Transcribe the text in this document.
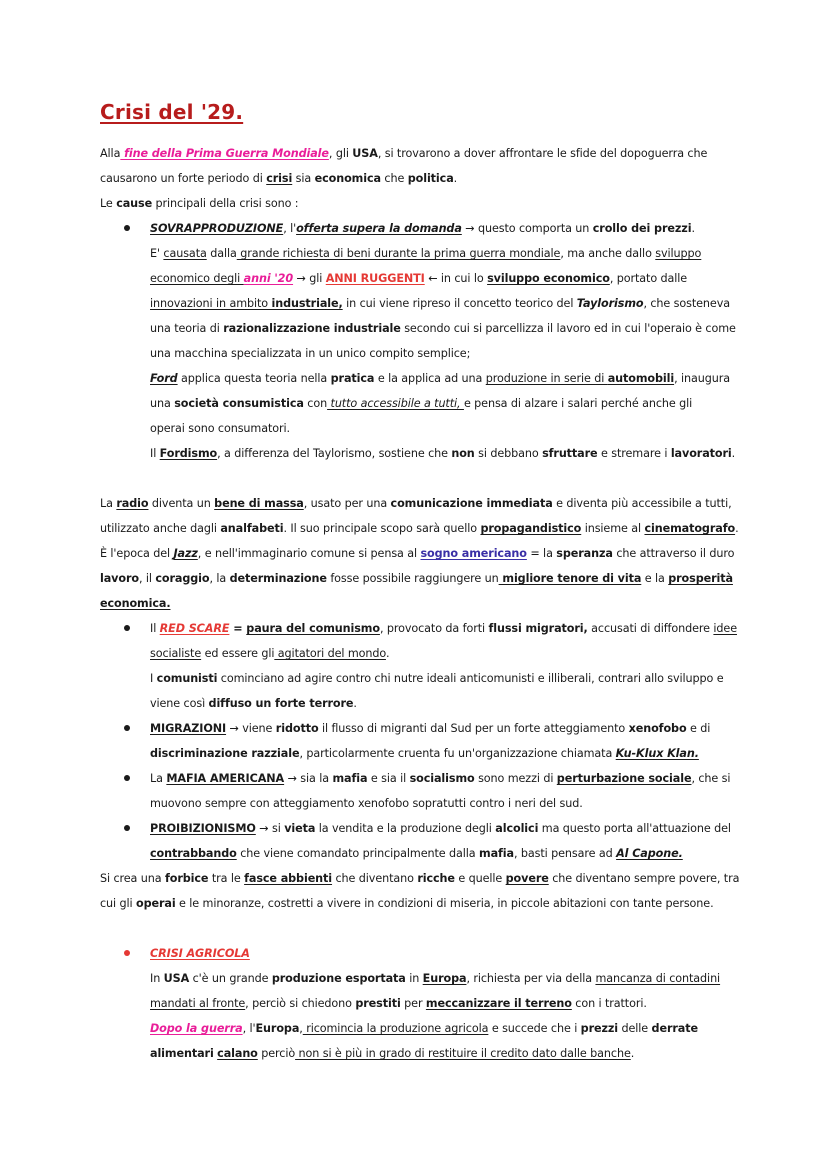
Crisi del '29.
Alla fine della Prima Guerra Mondiale, gli USA, si trovarono a dover affrontare le sfide del dopoguerra che
causarono un forte periodo di crisi sia economica che politica.
Le cause principali della crisi sono :
SOVRAPPRODUZIONE, l'offerta supera la domanda → questo comporta un crollo dei prezzi.
E' causata dalla grande richiesta di beni durante la prima guerra mondiale, ma anche dallo sviluppo
economico degli anni '20 → gli ANNI RUGGENTI ← in cui lo sviluppo economico, portato dalle
innovazioni in ambito industriale, in cui viene ripreso il concetto teorico del Taylorismo, che sosteneva
una teoria di razionalizzazione industriale secondo cui si parcellizza il lavoro ed in cui l'operaio è come
una macchina specializzata in un unico compito semplice;
Ford applica questa teoria nella pratica e la applica ad una produzione in serie di automobili, inaugura
una società consumistica con tutto accessibile a tutti, e pensa di alzare i salari perché anche gli
operai sono consumatori.
Il Fordismo, a differenza del Taylorismo, sostiene che non si debbano sfruttare e stremare i lavoratori.
La radio diventa un bene di massa, usato per una comunicazione immediata e diventa più accessibile a tutti,
utilizzato anche dagli analfabeti. Il suo principale scopo sarà quello propagandistico insieme al cinematografo.
È l'epoca del Jazz, e nell'immaginario comune si pensa al sogno americano = la speranza che attraverso il duro
lavoro, il coraggio, la determinazione fosse possibile raggiungere un migliore tenore di vita e la prosperità
economica.
Il RED SCARE = paura del comunismo, provocato da forti flussi migratori, accusati di diffondere idee
socialiste ed essere gli agitatori del mondo.
I comunisti cominciano ad agire contro chi nutre ideali anticomunisti e illiberali, contrari allo sviluppo e
viene così diffuso un forte terrore.
MIGRAZIONI → viene ridotto il flusso di migranti dal Sud per un forte atteggiamento xenofobo e di
discriminazione razziale, particolarmente cruenta fu un'organizzazione chiamata Ku-Klux Klan.
La MAFIA AMERICANA → sia la mafia e sia il socialismo sono mezzi di perturbazione sociale, che si
muovono sempre con atteggiamento xenofobo sopratutti contro i neri del sud.
PROIBIZIONISMO → si vieta la vendita e la produzione degli alcolici ma questo porta all'attuazione del
contrabbando che viene comandato principalmente dalla mafia, basti pensare ad Al Capone.
Si crea una forbice tra le fasce abbienti che diventano ricche e quelle povere che diventano sempre povere, tra
cui gli operai e le minoranze, costretti a vivere in condizioni di miseria, in piccole abitazioni con tante persone.
CRISI AGRICOLA
In USA c'è un grande produzione esportata in Europa, richiesta per via della mancanza di contadini
mandati al fronte, perciò si chiedono prestiti per meccanizzare il terreno con i trattori.
Dopo la guerra, l'Europa, ricomincia la produzione agricola e succede che i prezzi delle derrate
alimentari calano perciò non si è più in grado di restituire il credito dato dalle banche.
